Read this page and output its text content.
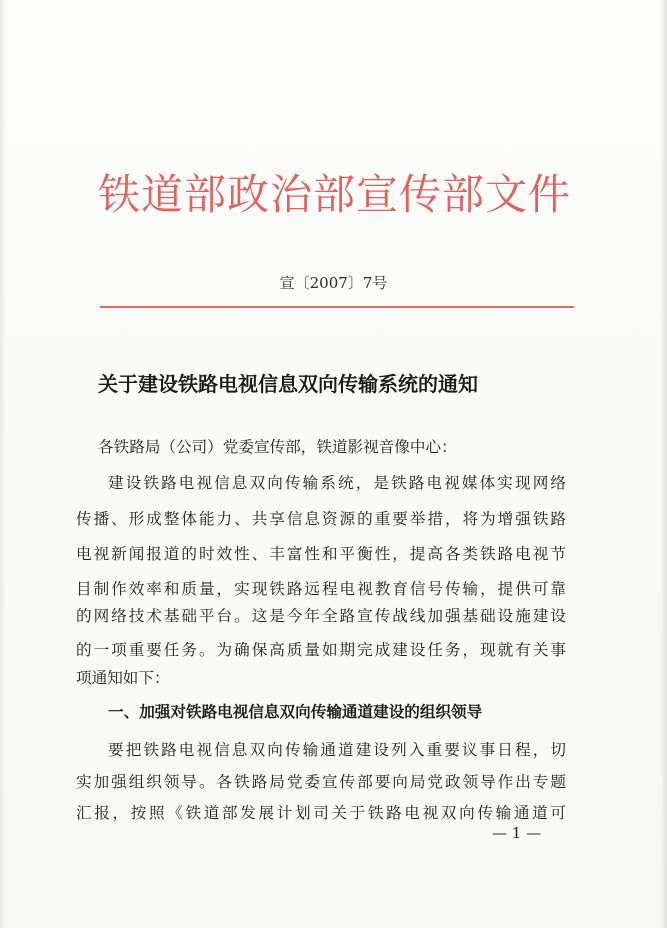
铁道部政治部宣传部文件
宣〔2007〕7号
关于建设铁路电视信息双向传输系统的通知
各铁路局（公司）党委宣传部，铁道影视音像中心：
建设铁路电视信息双向传输系统，是铁路电视媒体实现网络
传播、形成整体能力、共享信息资源的重要举措，将为增强铁路
电视新闻报道的时效性、丰富性和平衡性，提高各类铁路电视节
目制作效率和质量，实现铁路远程电视教育信号传输，提供可靠
的网络技术基础平台。这是今年全路宣传战线加强基础设施建设
的一项重要任务。为确保高质量如期完成建设任务，现就有关事
项通知如下：
一、加强对铁路电视信息双向传输通道建设的组织领导
要把铁路电视信息双向传输通道建设列入重要议事日程，切
实加强组织领导。各铁路局党委宣传部要向局党政领导作出专题
汇报，按照《铁道部发展计划司关于铁路电视双向传输通道可
— 1 —
